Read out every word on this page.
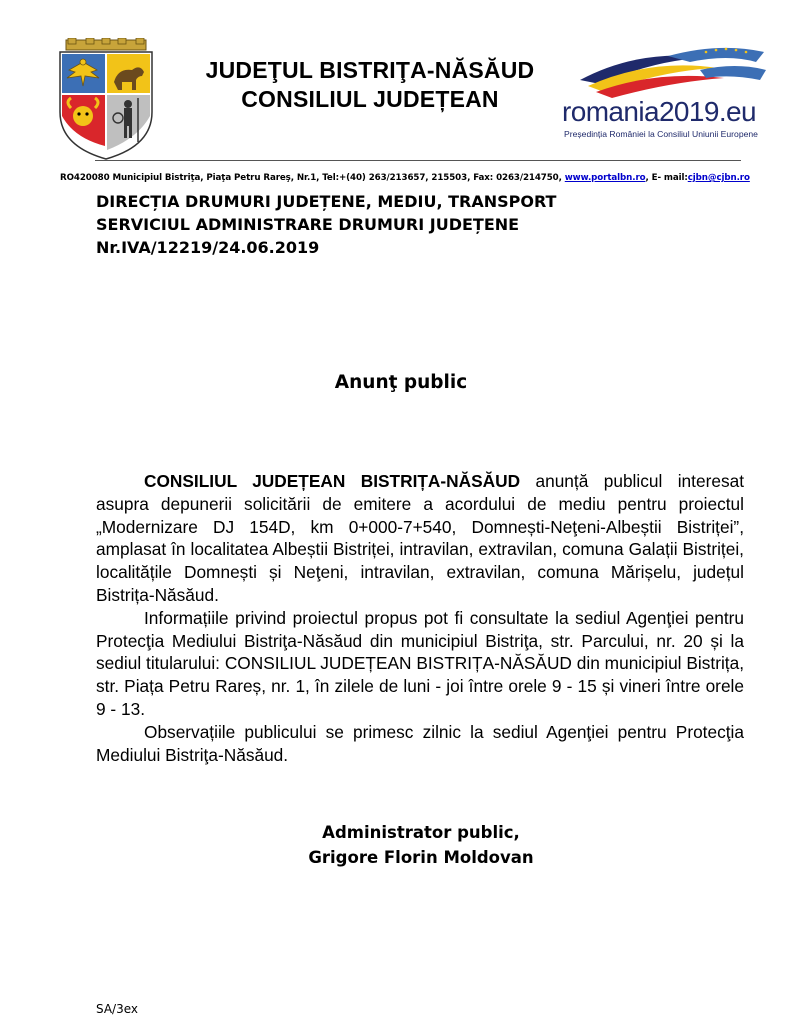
JUDEŢUL BISTRIŢA-NĂSĂUD
CONSILIUL JUDEȚEAN	romania2019.eu
Președinția României la Consiliul Uniunii Europene
RO420080 Municipiul Bistriţa, Piaţa Petru Rareş, Nr.1, Tel:+(40) 263/213657, 215503, Fax: 0263/214750, www.portalbn.ro, E- mail:cjbn@cjbn.ro
DIRECȚIA DRUMURI JUDEȚENE, MEDIU, TRANSPORT
SERVICIUL ADMINISTRARE DRUMURI JUDEȚENE
Nr.IVA/12219/24.06.2019
Anunţ public

CONSILIUL JUDEȚEAN BISTRIȚA-NĂSĂUD anunță publicul interesat asupra depunerii solicitării de emitere a acordului de mediu pentru proiectul „Modernizare DJ 154D, km 0+000-7+540, Domnești-Neţeni-Albeștii Bistriței”, amplasat în localitatea Albeștii Bistriței, intravilan, extravilan, comuna Galații Bistriței, localitățile Domnești și Neţeni, intravilan, extravilan, comuna Mărișelu, județul Bistrița-Năsăud.

Informațiile privind proiectul propus pot fi consultate la sediul Agenţiei pentru Protecţia Mediului Bistriţa-Năsăud din municipiul Bistriţa, str. Parcului, nr. 20 și la sediul titularului: CONSILIUL JUDEȚEAN BISTRIȚA-NĂSĂUD din municipiul Bistrița, str. Piața Petru Rareș, nr. 1, în zilele de luni - joi între orele 9 - 15 și vineri între orele 9 - 13.

Observațiile publicului se primesc zilnic la sediul Agenţiei pentru Protecţia Mediului Bistriţa-Năsăud.

Administrator public,
Grigore Florin Moldovan
SA/3ex
